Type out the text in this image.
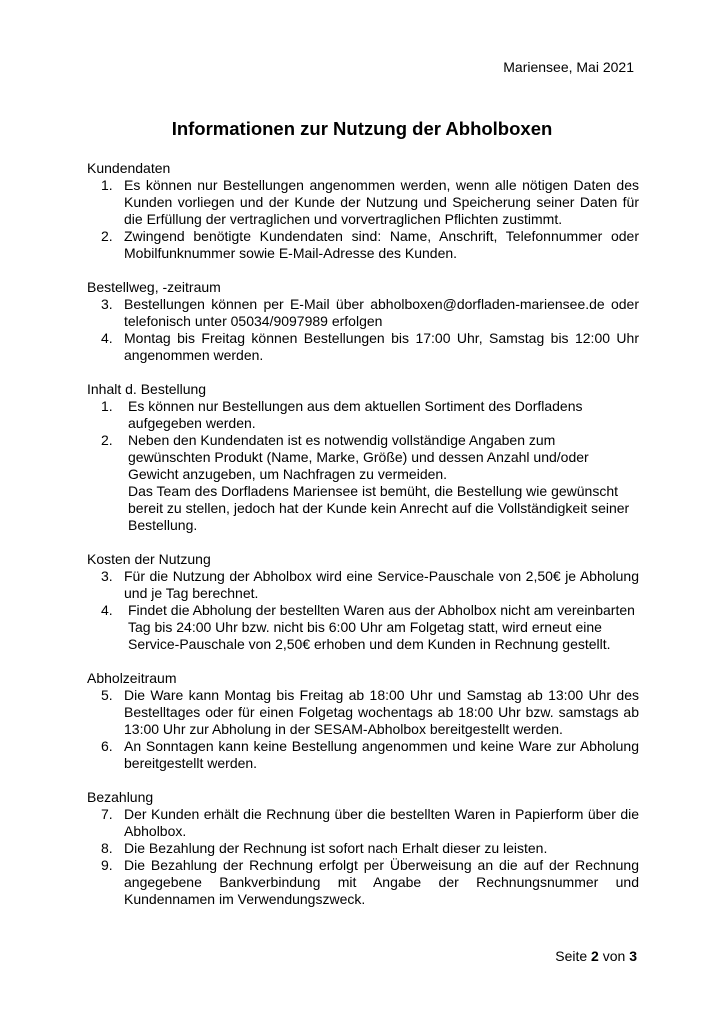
Mariensee, Mai 2021
Informationen zur Nutzung der Abholboxen

Kundendaten

1. Es können nur Bestellungen angenommen werden, wenn alle nötigen Daten des Kunden vorliegen und der Kunde der Nutzung und Speicherung seiner Daten für die Erfüllung der vertraglichen und vorvertraglichen Pflichten zustimmt.
2. Zwingend benötigte Kundendaten sind: Name, Anschrift, Telefonnummer oder Mobilfunknummer sowie E-Mail-Adresse des Kunden.

Bestellweg, -zeitraum

3. Bestellungen können per E-Mail über abholboxen@dorfladen-mariensee.de oder telefonisch unter 05034/9097989 erfolgen
4. Montag bis Freitag können Bestellungen bis 17:00 Uhr, Samstag bis 12:00 Uhr angenommen werden.

Inhalt d. Bestellung

1. Es können nur Bestellungen aus dem aktuellen Sortiment des Dorfladens aufgegeben werden.
2. Neben den Kundendaten ist es notwendig vollständige Angaben zum gewünschten Produkt (Name, Marke, Größe) und dessen Anzahl und/oder Gewicht anzugeben, um Nachfragen zu vermeiden.
Das Team des Dorfladens Mariensee ist bemüht, die Bestellung wie gewünscht bereit zu stellen, jedoch hat der Kunde kein Anrecht auf die Vollständigkeit seiner Bestellung.

Kosten der Nutzung

3. Für die Nutzung der Abholbox wird eine Service-Pauschale von 2,50€ je Abholung und je Tag berechnet.
4. Findet die Abholung der bestellten Waren aus der Abholbox nicht am vereinbarten Tag bis 24:00 Uhr bzw. nicht bis 6:00 Uhr am Folgetag statt, wird erneut eine Service-Pauschale von 2,50€ erhoben und dem Kunden in Rechnung gestellt.

Abholzeitraum

5. Die Ware kann Montag bis Freitag ab 18:00 Uhr und Samstag ab 13:00 Uhr des Bestelltages oder für einen Folgetag wochentags ab 18:00 Uhr bzw. samstags ab 13:00 Uhr zur Abholung in der SESAM-Abholbox bereitgestellt werden.
6. An Sonntagen kann keine Bestellung angenommen und keine Ware zur Abholung bereitgestellt werden.

Bezahlung

7. Der Kunden erhält die Rechnung über die bestellten Waren in Papierform über die Abholbox.
8. Die Bezahlung der Rechnung ist sofort nach Erhalt dieser zu leisten.
9. Die Bezahlung der Rechnung erfolgt per Überweisung an die auf der Rechnung angegebene Bankverbindung mit Angabe der Rechnungsnummer und Kundennamen im Verwendungszweck.
Seite 2 von 3
